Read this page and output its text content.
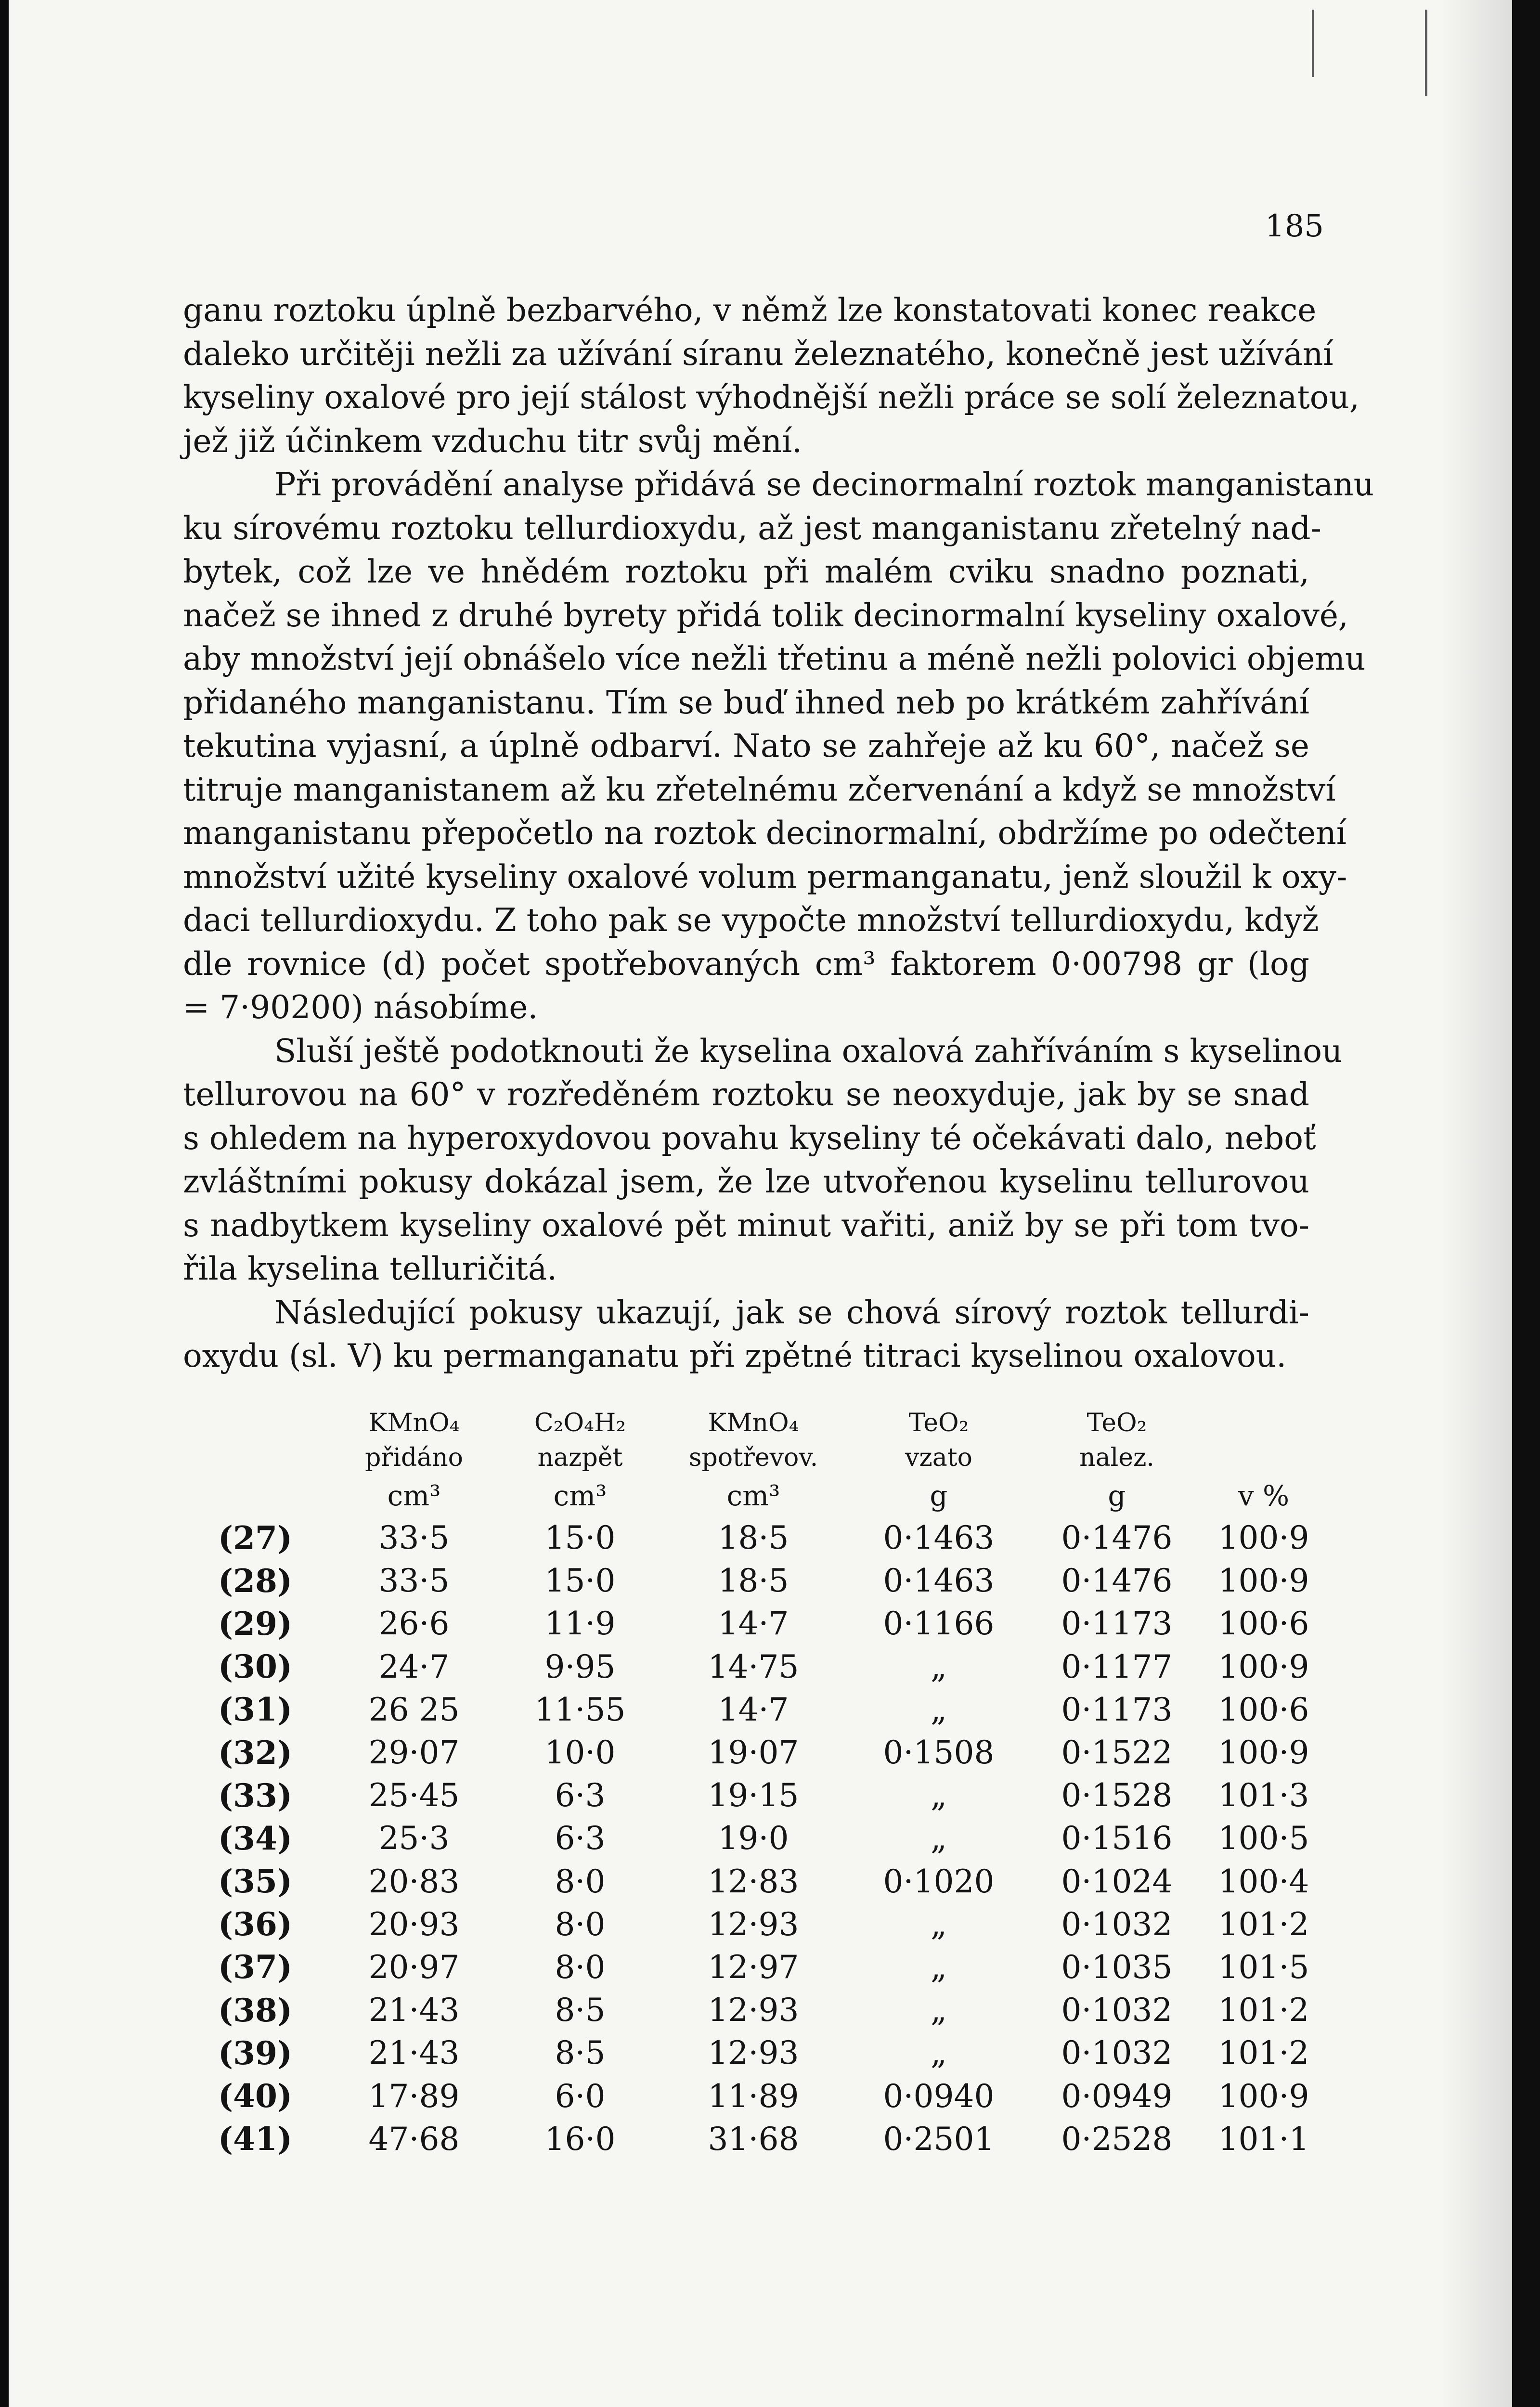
185

ganu roztoku úplně bezbarvého, v němž lze konstatovati konec reakce
daleko určitěji nežli za užívání síranu železnatého, konečně jest užívání
kyseliny oxalové pro její stálost výhodnější nežli práce se solí železnatou,
jež již účinkem vzduchu titr svůj mění.

Při provádění analyse přidává se decinormalní roztok manganistanu
ku sírovému roztoku tellurdioxydu, až jest manganistanu zřetelný nad-
bytek, což lze ve hnědém roztoku při malém cviku snadno poznati,
načež se ihned z druhé byrety přidá tolik decinormalní kyseliny oxalové,
aby množství její obnášelo více nežli třetinu a méně nežli polovici objemu
přidaného manganistanu. Tím se buď ihned neb po krátkém zahřívání
tekutina vyjasní, a úplně odbarví. Nato se zahřeje až ku 60°, načež se
titruje manganistanem až ku zřetelnému zčervenání a když se množství
manganistanu přepočetlo na roztok decinormalní, obdržíme po odečtení
množství užité kyseliny oxalové volum permanganatu, jenž sloužil k oxy-
daci tellurdioxydu. Z toho pak se vypočte množství tellurdioxydu, když
dle rovnice (d) počet spotřebovaných cm³ faktorem 0·00798 gr (log
= 7·90200) násobíme.

Sluší ještě podotknouti že kyselina oxalová zahříváním s kyselinou
tellurovou na 60° v rozředěném roztoku se neoxyduje, jak by se snad
s ohledem na hyperoxydovou povahu kyseliny té očekávati dalo, neboť
zvláštními pokusy dokázal jsem, že lze utvořenou kyselinu tellurovou
s nadbytkem kyseliny oxalové pět minut vařiti, aniž by se při tom tvo-
řila kyselina telluričitá.

Následující pokusy ukazují, jak se chová sírový roztok tellurdi-
oxydu (sl. V) ku permanganatu při zpětné titraci kyselinou oxalovou.

	KMnO₄	C₂O₄H₂	KMnO₄	TeO₂	TeO₂	
	přidáno	nazpět	spotřevov.	vzato	nalez.	
	cm³	cm³	cm³	g	g	v %
(27)	33·5	15·0	18·5	0·1463	0·1476	100·9
(28)	33·5	15·0	18·5	0·1463	0·1476	100·9
(29)	26·6	11·9	14·7	0·1166	0·1173	100·6
(30)	24·7	9·95	14·75	„	0·1177	100·9
(31)	26 25	11·55	14·7	„	0·1173	100·6
(32)	29·07	10·0	19·07	0·1508	0·1522	100·9
(33)	25·45	6·3	19·15	„	0·1528	101·3
(34)	25·3	6·3	19·0	„	0·1516	100·5
(35)	20·83	8·0	12·83	0·1020	0·1024	100·4
(36)	20·93	8·0	12·93	„	0·1032	101·2
(37)	20·97	8·0	12·97	„	0·1035	101·5
(38)	21·43	8·5	12·93	„	0·1032	101·2
(39)	21·43	8·5	12·93	„	0·1032	101·2
(40)	17·89	6·0	11·89	0·0940	0·0949	100·9
(41)	47·68	16·0	31·68	0·2501	0·2528	101·1
